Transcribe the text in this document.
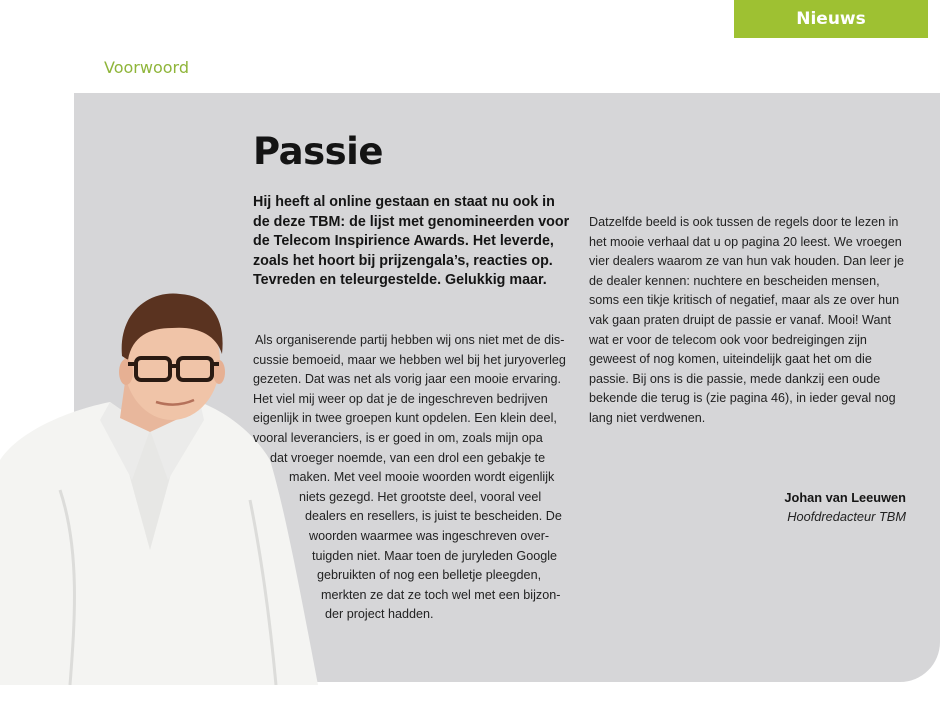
Nieuws
Voorwoord
Passie

Hij heeft al online gestaan en staat nu ook in de deze TBM: de lijst met genomineerden voor de Telecom Inspirience Awards. Het leverde, zoals het hoort bij prijzengala’s, reacties op. Tevreden en teleurgestelde. Gelukkig maar.

Als organiserende partij hebben wij ons niet met de dis-
cussie bemoeid, maar we hebben wel bij het juryoverleg
gezeten. Dat was net als vorig jaar een mooie ervaring.
Het viel mij weer op dat je de ingeschreven bedrijven
eigenlijk in twee groepen kunt opdelen. Een klein deel,
vooral leveranciers, is er goed in om, zoals mijn opa
dat vroeger noemde, van een drol een gebakje te
maken. Met veel mooie woorden wordt eigenlijk
niets gezegd. Het grootste deel, vooral veel
dealers en resellers, is juist te bescheiden. De
woorden waarmee was ingeschreven over-
tuigden niet. Maar toen de juryleden Google
gebruikten of nog een belletje pleegden,
merkten ze dat ze toch wel met een bijzon-
der project hadden.

Datzelfde beeld is ook tussen de regels door te lezen in het mooie verhaal dat u op pagina 20 leest. We vroegen vier dealers waarom ze van hun vak houden. Dan leer je de dealer kennen: nuchtere en bescheiden mensen, soms een tikje kritisch of negatief, maar als ze over hun vak gaan praten druipt de passie er vanaf. Mooi! Want wat er voor de telecom ook voor bedreigingen zijn geweest of nog komen, uiteindelijk gaat het om die passie. Bij ons is die passie, mede dankzij een oude bekende die terug is (zie pagina 46), in ieder geval nog lang niet verdwenen.

Johan van Leeuwen

Hoofdredacteur TBM
